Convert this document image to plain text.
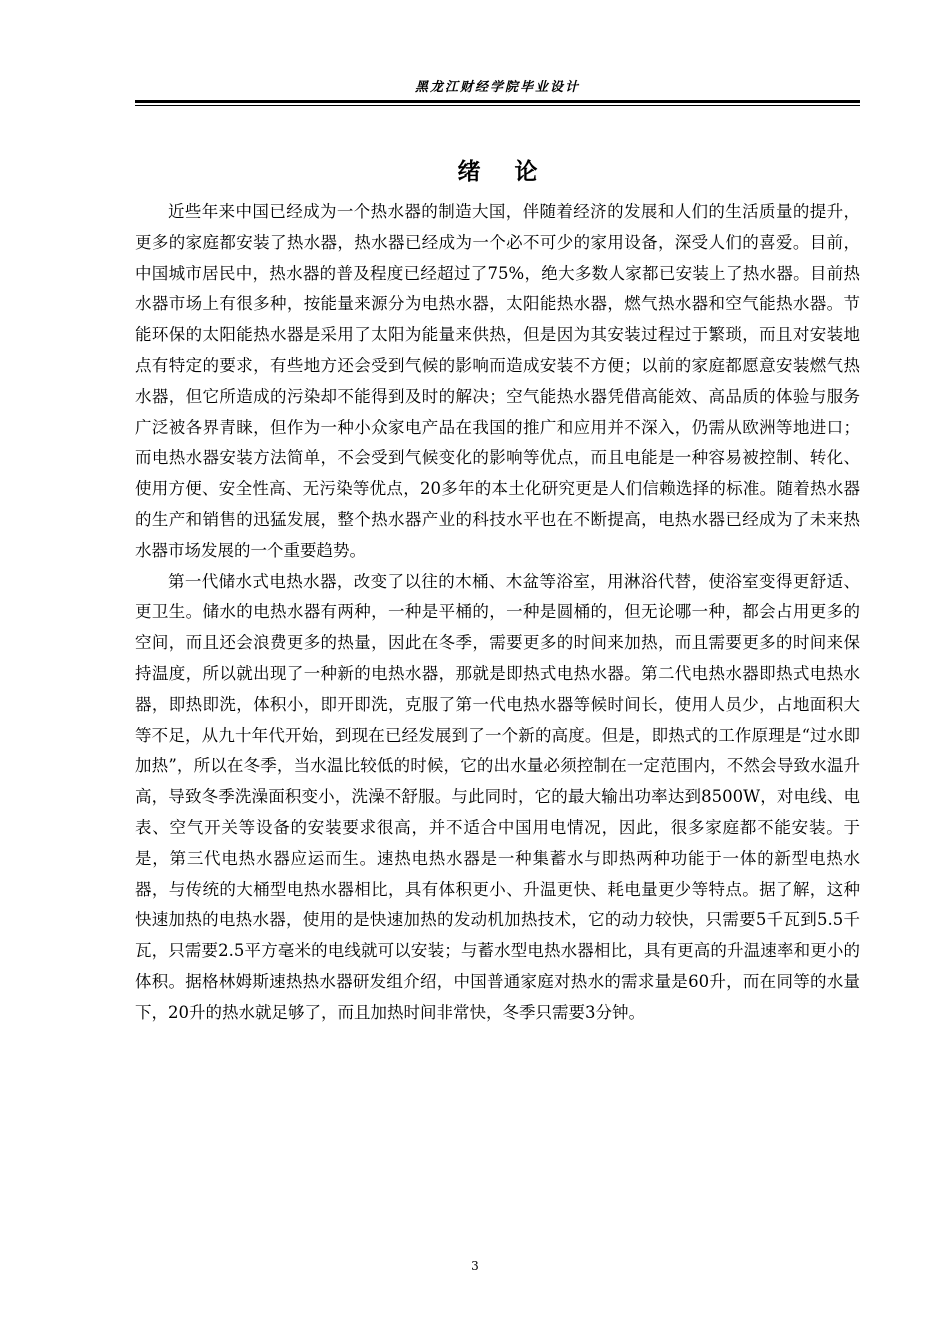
黑龙江财经学院毕业设计
绪论

近些年来中国已经成为一个热水器的制造大国，伴随着经济的发展和人们的生活质量的提升，更多的家庭都安装了热水器，热水器已经成为一个必不可少的家用设备，深受人们的喜爱。目前，中国城市居民中，热水器的普及程度已经超过了75%，绝大多数人家都已安装上了热水器。目前热水器市场上有很多种，按能量来源分为电热水器，太阳能热水器，燃气热水器和空气能热水器。节能环保的太阳能热水器是采用了太阳为能量来供热，但是因为其安装过程过于繁琐，而且对安装地点有特定的要求，有些地方还会受到气候的影响而造成安装不方便；以前的家庭都愿意安装燃气热水器，但它所造成的污染却不能得到及时的解决；空气能热水器凭借高能效、高品质的体验与服务广泛被各界青睐，但作为一种小众家电产品在我国的推广和应用并不深入，仍需从欧洲等地进口；而电热水器安装方法简单，不会受到气候变化的影响等优点，而且电能是一种容易被控制、转化、使用方便、安全性高、无污染等优点，20多年的本土化研究更是人们信赖选择的标准。随着热水器的生产和销售的迅猛发展，整个热水器产业的科技水平也在不断提高，电热水器已经成为了未来热水器市场发展的一个重要趋势。

第一代储水式电热水器，改变了以往的木桶、木盆等浴室，用淋浴代替，使浴室变得更舒适、更卫生。储水的电热水器有两种，一种是平桶的，一种是圆桶的，但无论哪一种，都会占用更多的空间，而且还会浪费更多的热量，因此在冬季，需要更多的时间来加热，而且需要更多的时间来保持温度，所以就出现了一种新的电热水器，那就是即热式电热水器。第二代电热水器即热式电热水器，即热即洗，体积小，即开即洗，克服了第一代电热水器等候时间长，使用人员少，占地面积大等不足，从九十年代开始，到现在已经发展到了一个新的高度。但是，即热式的工作原理是“过水即加热”，所以在冬季，当水温比较低的时候，它的出水量必须控制在一定范围内，不然会导致水温升高，导致冬季洗澡面积变小，洗澡不舒服。与此同时，它的最大输出功率达到8500W，对电线、电表、空气开关等设备的安装要求很高，并不适合中国用电情况，因此，很多家庭都不能安装。于是，第三代电热水器应运而生。速热电热水器是一种集蓄水与即热两种功能于一体的新型电热水器，与传统的大桶型电热水器相比，具有体积更小、升温更快、耗电量更少等特点。据了解，这种快速加热的电热水器，使用的是快速加热的发动机加热技术，它的动力较快，只需要5千瓦到5.5千瓦，只需要2.5平方毫米的电线就可以安装；与蓄水型电热水器相比，具有更高的升温速率和更小的体积。据格林姆斯速热热水器研发组介绍，中国普通家庭对热水的需求量是60升，而在同等的水量下，20升的热水就足够了，而且加热时间非常快，冬季只需要3分钟。

3
